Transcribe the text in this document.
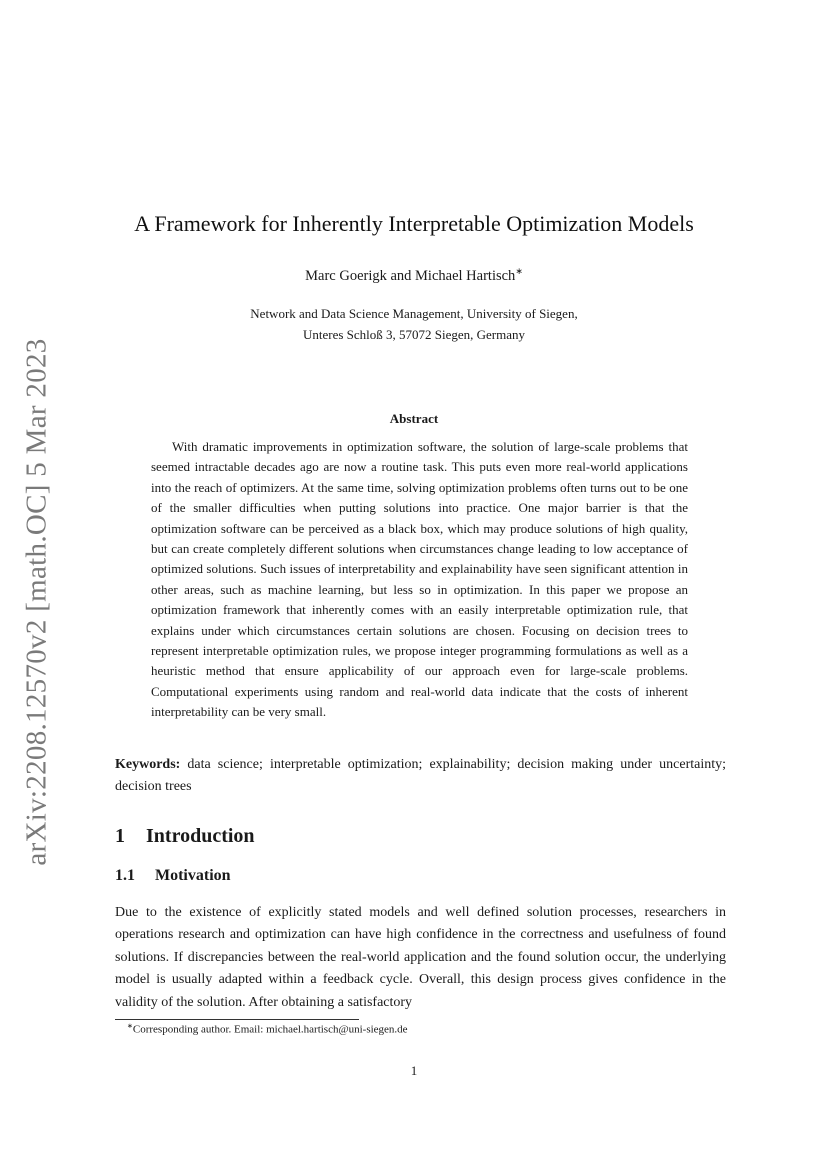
arXiv:2208.12570v2 [math.OC] 5 Mar 2023
A Framework for Inherently Interpretable Optimization Models
Marc Goerigk and Michael Hartisch∗
Network and Data Science Management, University of Siegen,
Unteres Schloß 3, 57072 Siegen, Germany
Abstract

With dramatic improvements in optimization software, the solution of large-scale problems that seemed intractable decades ago are now a routine task. This puts even more real-world applications into the reach of optimizers. At the same time, solving optimization problems often turns out to be one of the smaller difficulties when putting solutions into practice. One major barrier is that the optimization software can be perceived as a black box, which may produce solutions of high quality, but can create completely different solutions when circumstances change leading to low acceptance of optimized solutions. Such issues of interpretability and explainability have seen significant attention in other areas, such as machine learning, but less so in optimization. In this paper we propose an optimization framework that inherently comes with an easily interpretable optimization rule, that explains under which circumstances certain solutions are chosen. Focusing on decision trees to represent interpretable optimization rules, we propose integer programming formulations as well as a heuristic method that ensure applicability of our approach even for large-scale problems. Computational experiments using random and real-world data indicate that the costs of inherent interpretability can be very small.

Keywords: data science; interpretable optimization; explainability; decision making under uncertainty; decision trees

1 Introduction
1.1 Motivation

Due to the existence of explicitly stated models and well defined solution processes, researchers in operations research and optimization can have high confidence in the correctness and usefulness of found solutions. If discrepancies between the real-world application and the found solution occur, the underlying model is usually adapted within a feedback cycle. Overall, this design process gives confidence in the validity of the solution. After obtaining a satisfactory

∗Corresponding author. Email: michael.hartisch@uni-siegen.de

1
